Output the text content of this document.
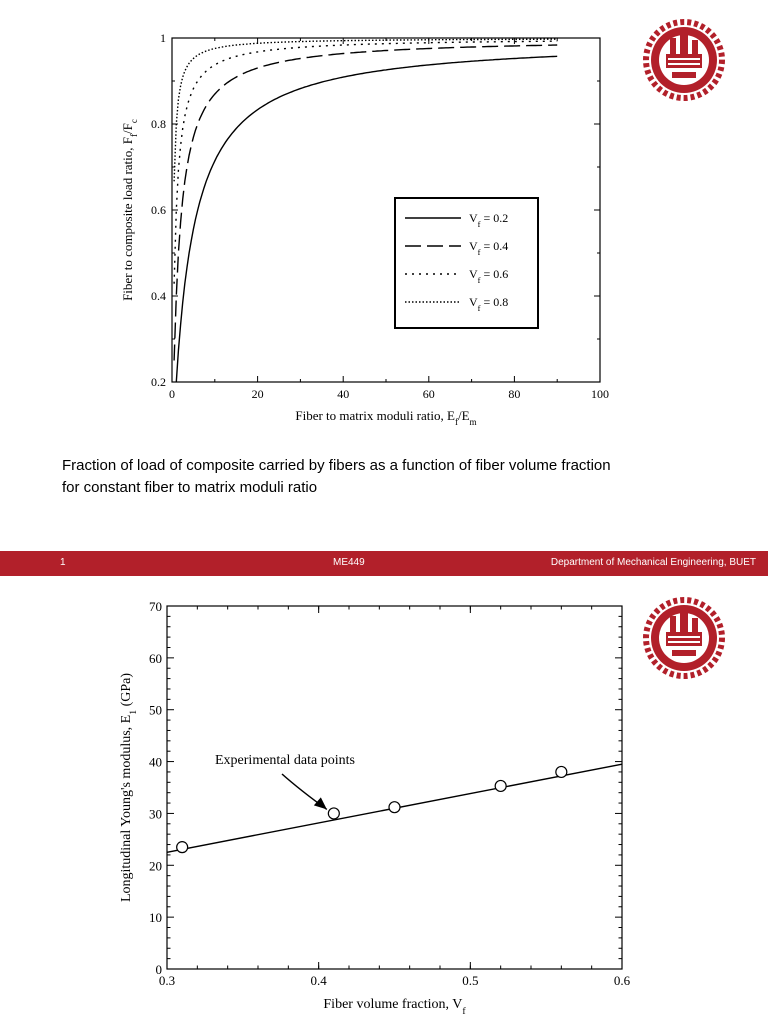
0	20	40	60	80	100
0.2
0.4
0.6
0.8
1
Fiber to matrix moduli ratio, $E_f/E_m$
Fiber to composite load ratio, $F_f/F_c$
$V_f = 0.2$
$V_f = 0.4$
$V_f = 0.6$
$V_f = 0.8$
Fraction of load of composite carried by fibers as a function of fiber volume fraction
for constant fiber to matrix moduli ratio
1	ME449	Department of Mechanical Engineering, BUET
0.3	0.4	0.5	0.6
0
10
20
30
40
50
60
70
Fiber volume fraction, $V_f$
Longitudinal Young's modulus, $E_1$ (GPa)
Experimental data points
